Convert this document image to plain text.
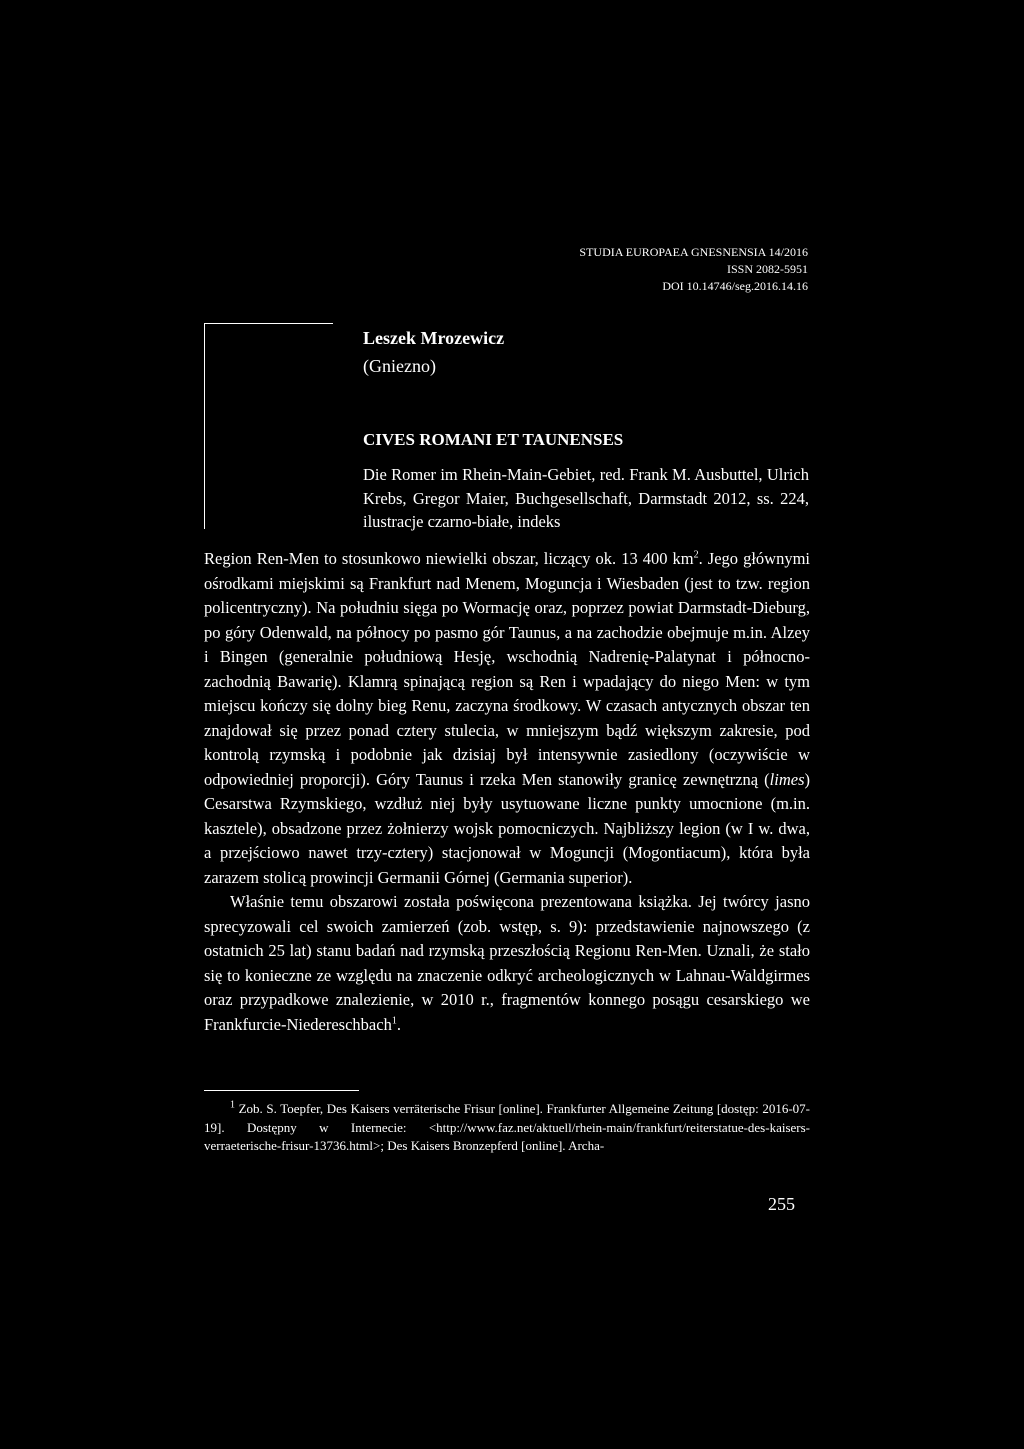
STUDIA EUROPAEA GNESNENSIA 14/2016
ISSN 2082-5951
DOI 10.14746/seg.2016.14.16
Leszek Mrozewicz
(Gniezno)
CIVES ROMANI ET TAUNENSES
Die Romer im Rhein-Main-Gebiet, red. Frank M. Ausbuttel, Ulrich Krebs, Gregor Maier, Buchgesellschaft, Darmstadt 2012, ss. 224, ilustracje czarno-białe, indeks

Region Ren-Men to stosunkowo niewielki obszar, liczący ok. 13 400 $km^2$. Jego głównymi ośrodkami miejskimi są Frankfurt nad Menem, Moguncja i Wiesbaden (jest to tzw. region policentryczny). Na południu sięga po Wormację oraz, poprzez powiat Darmstadt-Dieburg, po góry Odenwald, na północy po pasmo gór Taunus, a na zachodzie obejmuje m.in. Alzey i Bingen (generalnie południową Hesję, wschodnią Nadrenię-Palatynat i północno-zachodnią Bawarię). Klamrą spinającą region są Ren i wpadający do niego Men: w tym miejscu kończy się dolny bieg Renu, zaczyna środkowy. W czasach antycznych obszar ten znajdował się przez ponad cztery stulecia, w mniejszym bądź większym zakresie, pod kontrolą rzymską i podobnie jak dzisiaj był intensywnie zasiedlony (oczywiście w odpowiedniej proporcji). Góry Taunus i rzeka Men stanowiły granicę zewnętrzną (limes) Cesarstwa Rzymskiego, wzdłuż niej były usytuowane liczne punkty umocnione (m.in. kasztele), obsadzone przez żołnierzy wojsk pomocniczych. Najbliższy legion (w I w. dwa, a przejściowo nawet trzy-cztery) stacjonował w Moguncji (Mogontiacum), która była zarazem stolicą prowincji Germanii Górnej (Germania superior).

Właśnie temu obszarowi została poświęcona prezentowana książka. Jej twórcy jasno sprecyzowali cel swoich zamierzeń (zob. wstęp, s. 9): przedstawienie najnowszego (z ostatnich 25 lat) stanu badań nad rzymską przeszłością Regionu Ren-Men. Uznali, że stało się to konieczne ze względu na znaczenie odkryć archeologicznych w Lahnau-Waldgirmes oraz przypadkowe znalezienie, w 2010 r., fragmentów konnego posągu cesarskiego we Frankfurcie-Niedereschbach$^1$.

$^1$ Zob. S. Toepfer, Des Kaisers verräterische Frisur [online]. Frankfurter Allgemeine Zeitung [dostęp: 2016-07-19]. Dostępny w Internecie: <http://www.faz.net/aktuell/rhein-main/frankfurt/reiterstatue-des-kaisers-verraeterische-frisur-13736.html>; Des Kaisers Bronzepferd [online]. Archa-
255
